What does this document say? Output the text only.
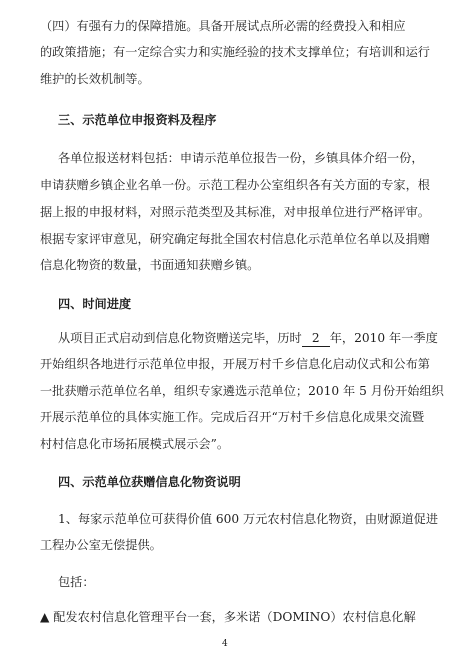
（四）有强有力的保障措施。具备开展试点所必需的经费投入和相应
的政策措施；有一定综合实力和实施经验的技术支撑单位；有培训和运行
维护的长效机制等。
三、示范单位申报资料及程序
各单位报送材料包括：申请示范单位报告一份，乡镇具体介绍一份，
申请获赠乡镇企业名单一份。示范工程办公室组织各有关方面的专家，根
据上报的申报材料，对照示范类型及其标准，对申报单位进行严格评审。
根据专家评审意见，研究确定每批全国农村信息化示范单位名单以及捐赠
信息化物资的数量，书面通知获赠乡镇。
四、时间进度
从项目正式启动到信息化物资赠送完毕，历时 2 年，2010 年一季度
开始组织各地进行示范单位申报，开展万村千乡信息化启动仪式和公布第
一批获赠示范单位名单，组织专家遴选示范单位；2010 年 5 月份开始组织
开展示范单位的具体实施工作。完成后召开“万村千乡信息化成果交流暨
村村信息化市场拓展模式展示会”。
四、示范单位获赠信息化物资说明
1、每家示范单位可获得价值 600 万元农村信息化物资，由财源道促进
工程办公室无偿提供。
包括：
▲ 配发农村信息化管理平台一套，多米诺（DOMINO）农村信息化解
4
